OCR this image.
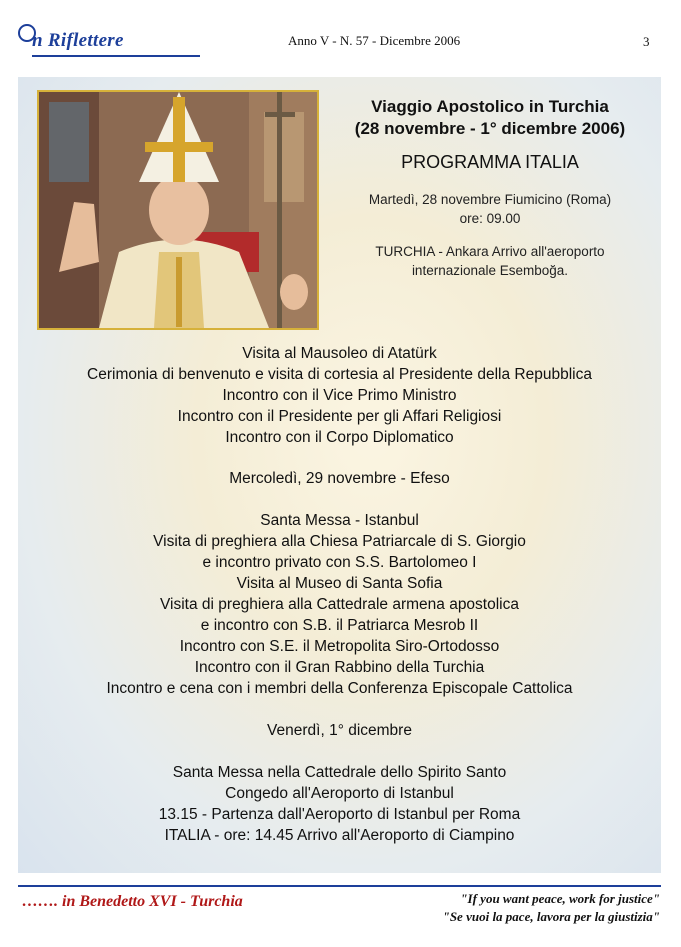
n Riflettere	Anno V - N. 57 - Dicembre 2006	3
Viaggio Apostolico in Turchia
(28 novembre - 1° dicembre 2006)
PROGRAMMA ITALIA
Martedì, 28 novembre Fiumicino (Roma)
ore: 09.00
TURCHIA - Ankara Arrivo all'aeroporto
internazionale Esemboğa.
Visita al Mausoleo di Atatürk
Cerimonia di benvenuto e visita di cortesia al Presidente della Repubblica
Incontro con il Vice Primo Ministro
Incontro con il Presidente per gli Affari Religiosi
Incontro con il Corpo Diplomatico
Mercoledì, 29 novembre - Efeso
Santa Messa - Istanbul
Visita di preghiera alla Chiesa Patriarcale di S. Giorgio
e incontro privato con S.S. Bartolomeo I
Visita al Museo di Santa Sofia
Visita di preghiera alla Cattedrale armena apostolica
e incontro con S.B. il Patriarca Mesrob II
Incontro con S.E. il Metropolita Siro-Ortodosso
Incontro con il Gran Rabbino della Turchia
Incontro e cena con i membri della Conferenza Episcopale Cattolica
Venerdì, 1° dicembre
Santa Messa nella Cattedrale dello Spirito Santo
Congedo all'Aeroporto di Istanbul
13.15 - Partenza dall'Aeroporto di Istanbul per Roma
ITALIA - ore: 14.45 Arrivo all'Aeroporto di Ciampino
……. in Benedetto XVI - Turchia	"If you want peace, work for justice"
"Se vuoi la pace, lavora per la giustizia"
